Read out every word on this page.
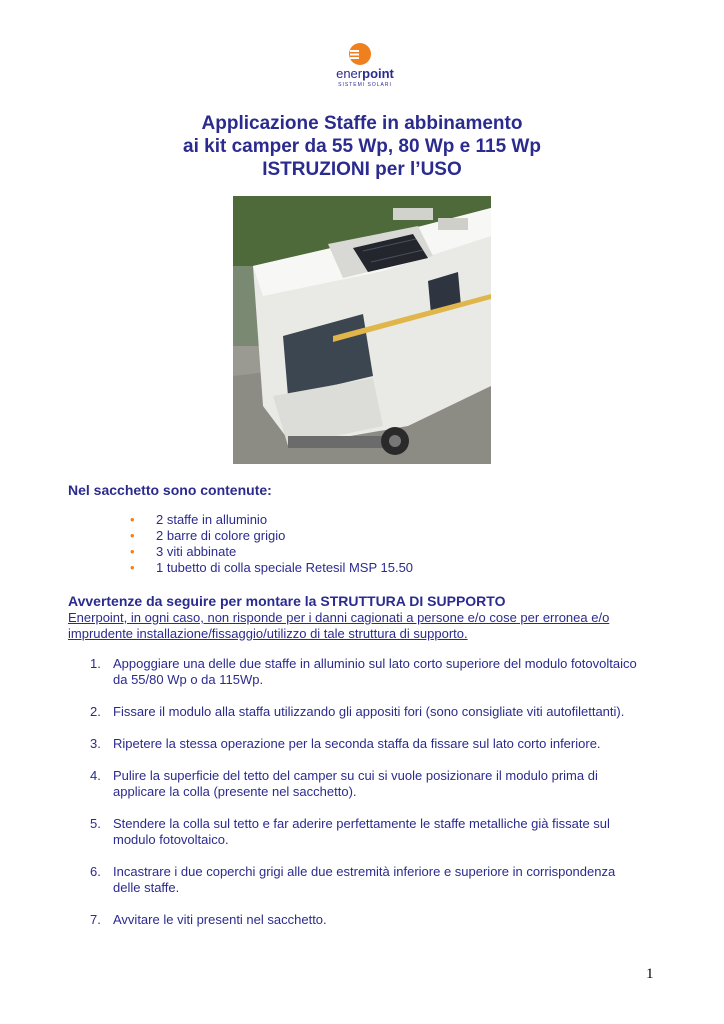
enerpoint
SISTEMI SOLARI
Applicazione Staffe in abbinamento
ai kit camper da 55 Wp, 80 Wp e 115 Wp
ISTRUZIONI per l’USO
Nel sacchetto sono contenute:
• 2 staffe in alluminio
• 2 barre di colore grigio
• 3 viti abbinate
• 1 tubetto di colla speciale Retesil MSP 15.50
Avvertenze da seguire per montare la STRUTTURA DI SUPPORTO
Enerpoint, in ogni caso, non risponde per i danni cagionati a persone e/o cose per erronea e/o
imprudente installazione/fissaggio/utilizzo di tale struttura di supporto.
1. Appoggiare una delle due staffe in alluminio sul lato corto superiore del modulo fotovoltaico
da 55/80 Wp o da 115Wp.
2. Fissare il modulo alla staffa utilizzando gli appositi fori (sono consigliate viti autofilettanti).
3. Ripetere la stessa operazione per la seconda staffa da fissare sul lato corto inferiore.
4. Pulire la superficie del tetto del camper su cui si vuole posizionare il modulo prima di
applicare la colla (presente nel sacchetto).
5. Stendere la colla sul tetto e far aderire perfettamente le staffe metalliche già fissate sul
modulo fotovoltaico.
6. Incastrare i due coperchi grigi alle due estremità inferiore e superiore in corrispondenza
delle staffe.
7. Avvitare le viti presenti nel sacchetto.
1
